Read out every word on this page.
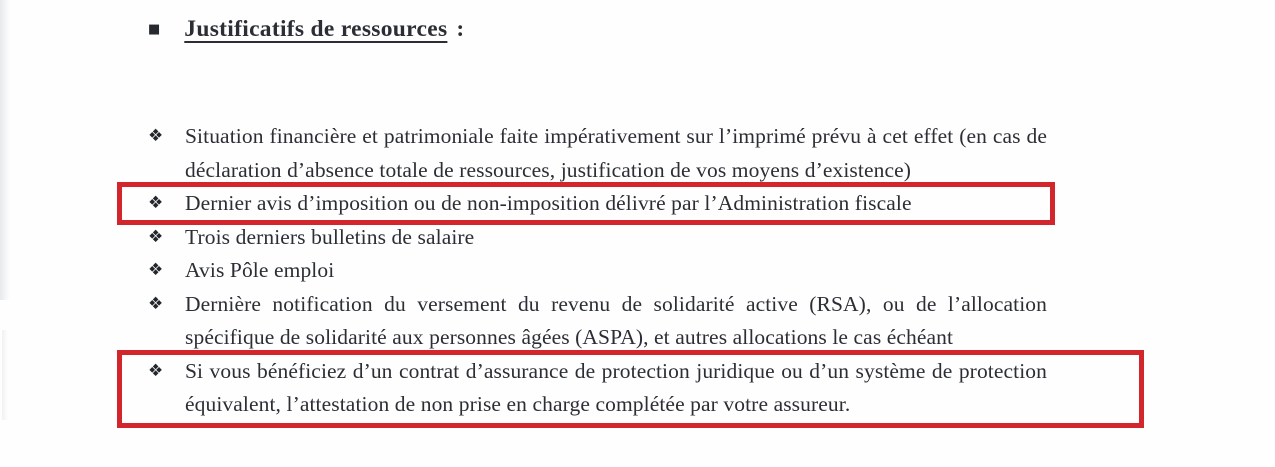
■ Justificatifs de ressources :
❖	Situation financière et patrimoniale faite impérativement sur l’imprimé prévu à cet effet (en cas de déclaration d’absence totale de ressources, justification de vos moyens d’existence)
❖	Dernier avis d’imposition ou de non-imposition délivré par l’Administration fiscale
❖	Trois derniers bulletins de salaire
❖	Avis Pôle emploi
❖	Dernière notification du versement du revenu de solidarité active (RSA), ou de l’allocation spécifique de solidarité aux personnes âgées (ASPA), et autres allocations le cas échéant
❖	Si vous bénéficiez d’un contrat d’assurance de protection juridique ou d’un système de protection équivalent, l’attestation de non prise en charge complétée par votre assureur.
